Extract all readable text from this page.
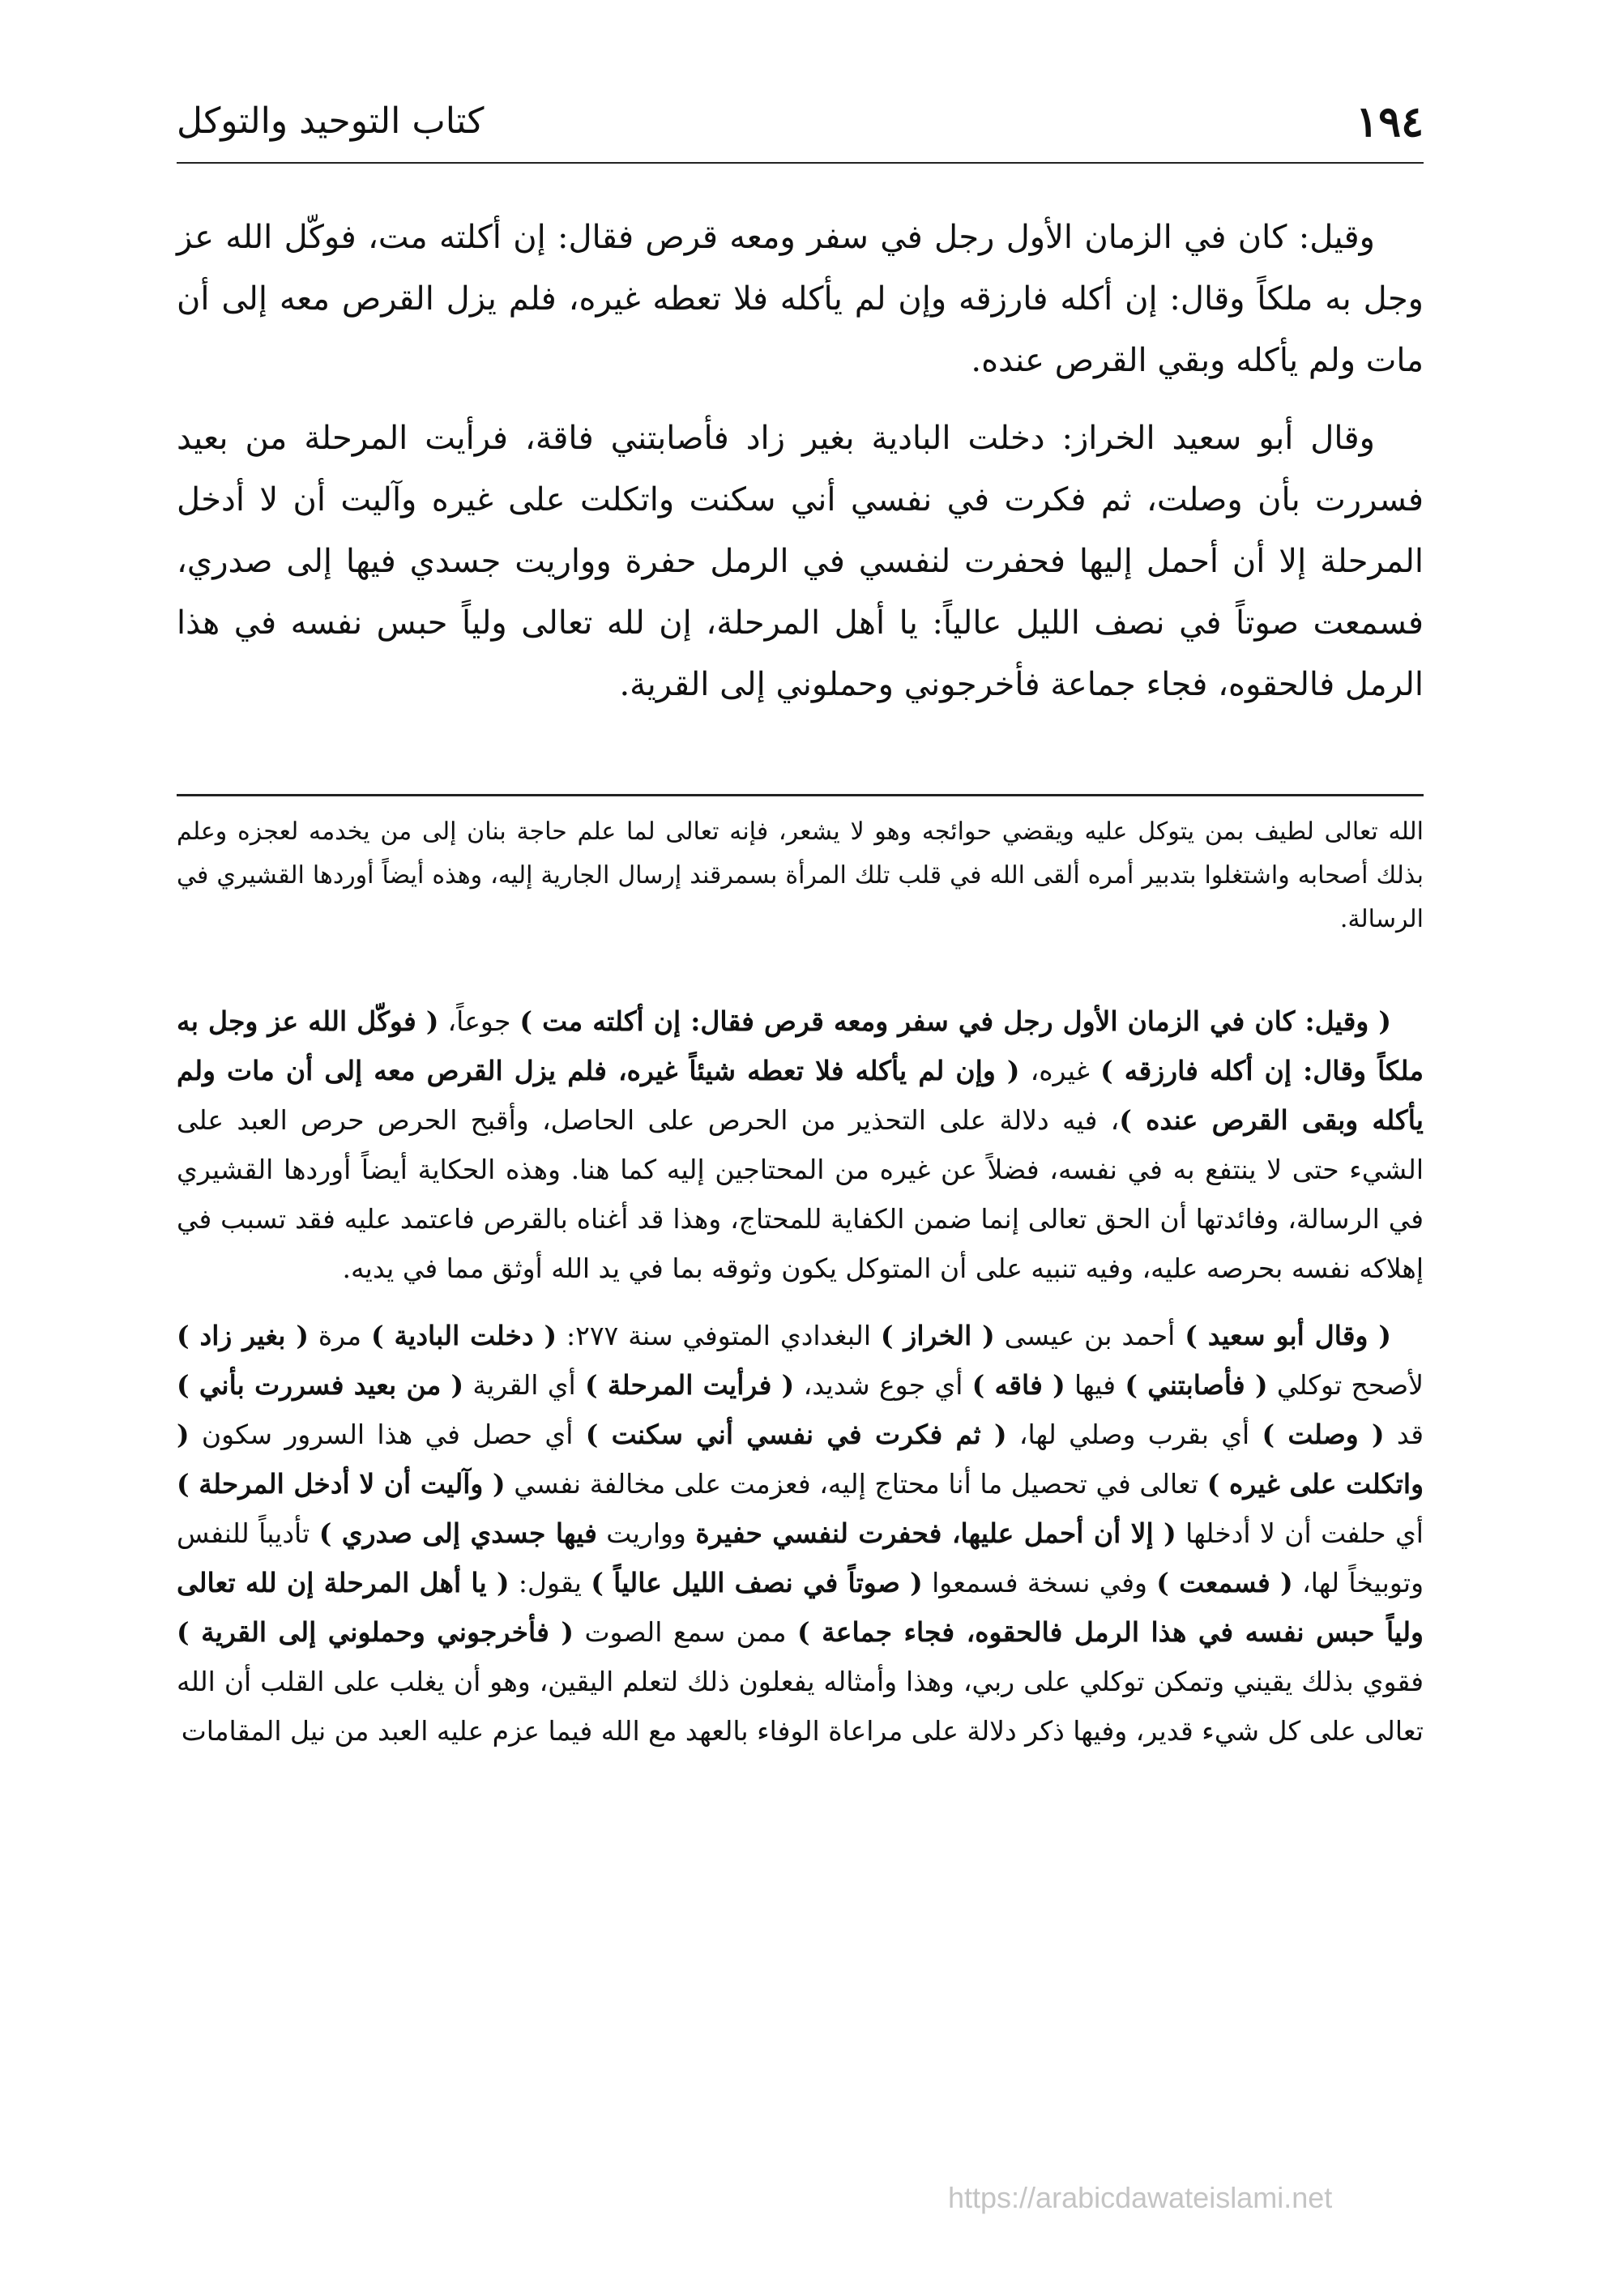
١٩٤
كتاب التوحيد والتوكل

وقيل: كان في الزمان الأول رجل في سفر ومعه قرص فقال: إن أكلته مت، فوكّل الله عز وجل به ملكاً وقال: إن أكله فارزقه وإن لم يأكله فلا تعطه غيره، فلم يزل القرص معه إلى أن مات ولم يأكله وبقي القرص عنده.

وقال أبو سعيد الخراز: دخلت البادية بغير زاد فأصابتني فاقة، فرأيت المرحلة من بعيد فسررت بأن وصلت، ثم فكرت في نفسي أني سكنت واتكلت على غيره وآليت أن لا أدخل المرحلة إلا أن أحمل إليها فحفرت لنفسي في الرمل حفرة وواريت جسدي فيها إلى صدري، فسمعت صوتاً في نصف الليل عالياً: يا أهل المرحلة، إن لله تعالى ولياً حبس نفسه في هذا الرمل فالحقوه، فجاء جماعة فأخرجوني وحملوني إلى القرية.

الله تعالى لطيف بمن يتوكل عليه ويقضي حوائجه وهو لا يشعر، فإنه تعالى لما علم حاجة بنان إلى من يخدمه لعجزه وعلم بذلك أصحابه واشتغلوا بتدبير أمره ألقى الله في قلب تلك المرأة بسمرقند إرسال الجارية إليه، وهذه أيضاً أوردها القشيري في الرسالة.

( وقيل: كان في الزمان الأول رجل في سفر ومعه قرص فقال: إن أكلته مت ) جوعاً، ( فوكّل الله عز وجل به ملكاً وقال: إن أكله فارزقه ) غيره، ( وإن لم يأكله فلا تعطه شيئاً غيره، فلم يزل القرص معه إلى أن مات ولم يأكله وبقى القرص عنده )، فيه دلالة على التحذير من الحرص على الحاصل، وأقبح الحرص حرص العبد على الشيء حتى لا ينتفع به في نفسه، فضلاً عن غيره من المحتاجين إليه كما هنا. وهذه الحكاية أيضاً أوردها القشيري في الرسالة، وفائدتها أن الحق تعالى إنما ضمن الكفاية للمحتاج، وهذا قد أغناه بالقرص فاعتمد عليه فقد تسبب في إهلاكه نفسه بحرصه عليه، وفيه تنبيه على أن المتوكل يكون وثوقه بما في يد الله أوثق مما في يديه.

( وقال أبو سعيد ) أحمد بن عيسى ( الخراز ) البغدادي المتوفي سنة ٢٧٧: ( دخلت البادية ) مرة ( بغير زاد ) لأصحح توكلي ( فأصابتني ) فيها ( فاقه ) أي جوع شديد، ( فرأيت المرحلة ) أي القرية ( من بعيد فسررت بأني ) قد ( وصلت ) أي بقرب وصلي لها، ( ثم فكرت في نفسي أني سكنت ) أي حصل في هذا السرور سكون ( واتكلت على غيره ) تعالى في تحصيل ما أنا محتاج إليه، فعزمت على مخالفة نفسي ( وآليت أن لا أدخل المرحلة ) أي حلفت أن لا أدخلها ( إلا أن أحمل عليها، فحفرت لنفسي حفيرة وواريت فيها جسدي إلى صدري ) تأديباً للنفس وتوبيخاً لها، ( فسمعت ) وفي نسخة فسمعوا ( صوتاً في نصف الليل عالياً ) يقول: ( يا أهل المرحلة إن لله تعالى ولياً حبس نفسه في هذا الرمل فالحقوه، فجاء جماعة ) ممن سمع الصوت ( فأخرجوني وحملوني إلى القرية ) فقوي بذلك يقيني وتمكن توكلي على ربي، وهذا وأمثاله يفعلون ذلك لتعلم اليقين، وهو أن يغلب على القلب أن الله تعالى على كل شيء قدير، وفيها ذكر دلالة على مراعاة الوفاء بالعهد مع الله فيما عزم عليه العبد من نيل المقامات

https://arabicdawateislami.net
